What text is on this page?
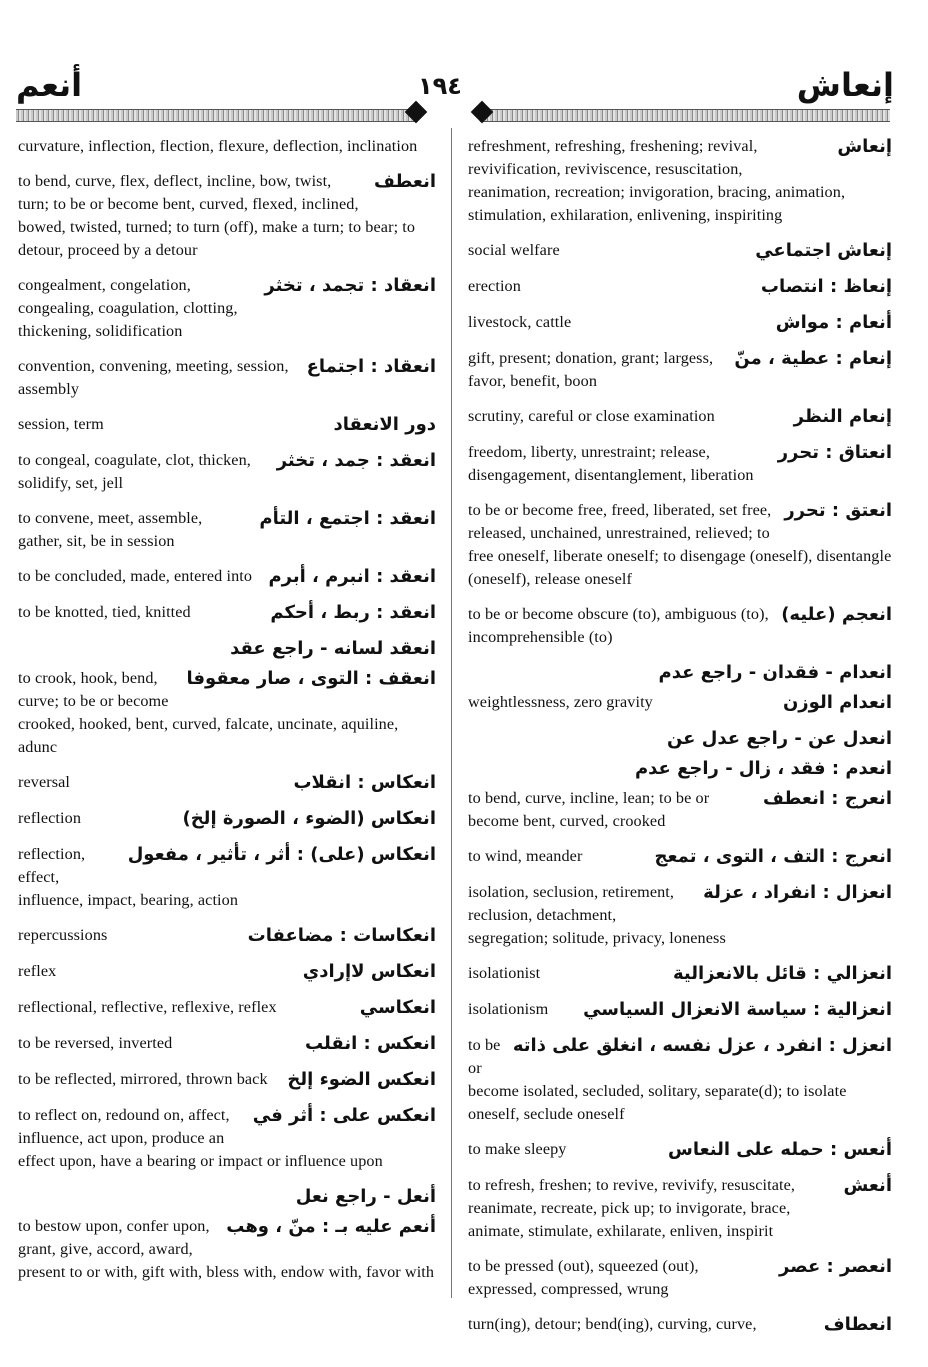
أنعم	١٩٤	إنعاش
curvature, inflection, flection, flexure, deflection, inclination
انعطف
to bend, curve, flex, deflect, incline, bow, twist, turn; to be or become bent, curved, flexed, inclined, bowed, twisted, turned; to turn (off), make a turn; to bear; to detour, proceed by a detour
انعقاد : تجمد ، تخثر
congealment, congelation, congealing, coagulation, clotting, thickening, solidification
انعقاد : اجتماع
convention, convening, meeting, session, assembly
دور الانعقاد
session, term
انعقد : جمد ، تخثر
to congeal, coagulate, clot, thicken, solidify, set, jell
انعقد : اجتمع ، التأم
to convene, meet, assemble, gather, sit, be in session
انعقد : انبرم ، أبرم
to be concluded, made, entered into
انعقد : ربط ، أحكم
to be knotted, tied, knitted
انعقد لسانه - راجع عقد
انعقف : التوى ، صار معقوفا
to crook, hook, bend, curve; to be or become crooked, hooked, bent, curved, falcate, uncinate, aquiline, adunc
انعكاس : انقلاب
reversal
انعكاس (الضوء ، الصورة إلخ)
reflection
انعكاس (على) : أثر ، تأثير ، مفعول
reflection, effect, influence, impact, bearing, action
انعكاسات : مضاعفات
repercussions
انعكاس لاإرادي
reflex
انعكاسي
reflectional, reflective, reflexive, reflex
انعكس : انقلب
to be reversed, inverted
انعكس الضوء إلخ
to be reflected, mirrored, thrown back
انعكس على : أثر في
to reflect on, redound on, affect, influence, act upon, produce an effect upon, have a bearing or impact or influence upon
أنعل - راجع نعل
أنعم عليه بـ : منّ ، وهب
to bestow upon, confer upon, grant, give, accord, award, present to or with, gift with, bless with, endow with, favor with
إنعاش
refreshment, refreshing, freshening; revival, revivification, reviviscence, resuscitation, reanimation, recreation; invigoration, bracing, animation, stimulation, exhilaration, enlivening, inspiriting
إنعاش اجتماعي
social welfare
إنعاظ : انتصاب
erection
أنعام : مواش
livestock, cattle
إنعام : عطية ، منّ
gift, present; donation, grant; largess, favor, benefit, boon
إنعام النظر
scrutiny, careful or close examination
انعتاق : تحرر
freedom, liberty, unrestraint; release, disengagement, disentanglement, liberation
انعتق : تحرر
to be or become free, freed, liberated, set free, released, unchained, unrestrained, relieved; to free oneself, liberate oneself; to disengage (oneself), disentangle (oneself), release oneself
انعجم (عليه)
to be or become obscure (to), ambiguous (to), incomprehensible (to)
انعدام - فقدان - راجع عدم
انعدام الوزن
weightlessness, zero gravity
انعدل عن - راجع عدل عن
انعدم : فقد ، زال - راجع عدم
انعرج : انعطف
to bend, curve, incline, lean; to be or become bent, curved, crooked
انعرج : التف ، التوى ، تمعج
to wind, meander
انعزال : انفراد ، عزلة
isolation, seclusion, retirement, reclusion, detachment, segregation; solitude, privacy, loneness
انعزالي : قائل بالانعزالية
isolationist
انعزالية : سياسة الانعزال السياسي
isolationism
انعزل : انفرد ، عزل نفسه ، انغلق على ذاته
to be or become isolated, secluded, solitary, separate(d); to isolate oneself, seclude oneself
أنعس : حمله على النعاس
to make sleepy
أنعش
to refresh, freshen; to revive, revivify, resuscitate, reanimate, recreate, pick up; to invigorate, brace, animate, stimulate, exhilarate, enliven, inspirit
انعصر : عصر
to be pressed (out), squeezed (out), expressed, compressed, wrung
انعطاف
turn(ing), detour; bend(ing), curving, curve,
